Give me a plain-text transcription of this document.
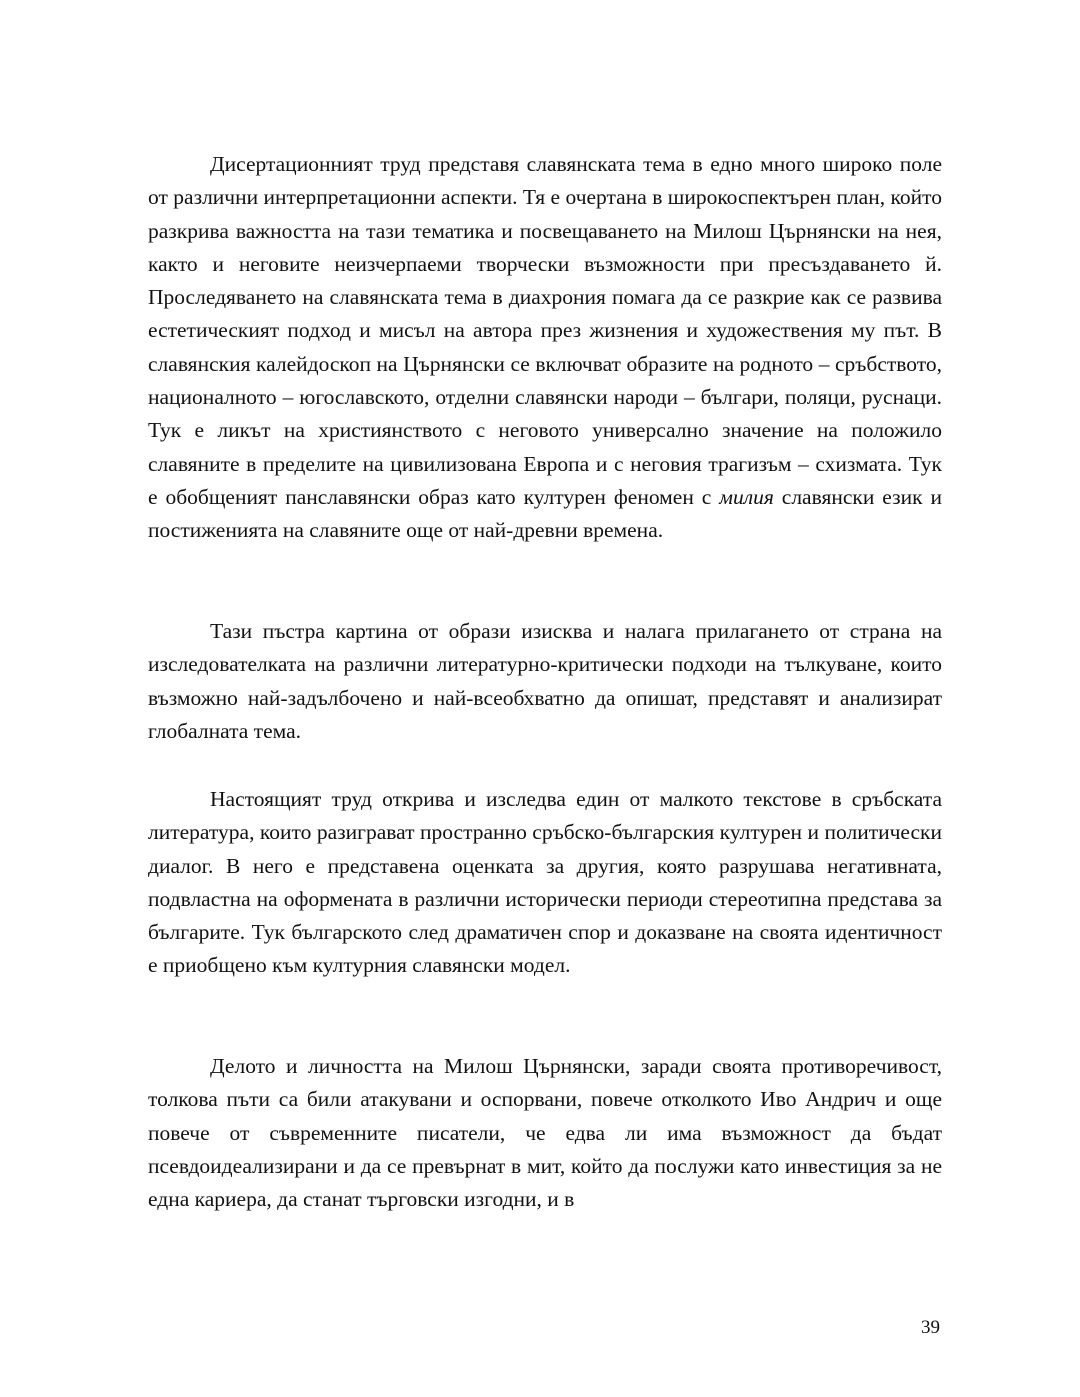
Дисертационният труд представя славянската тема в едно много широко поле от различни интерпретационни аспекти. Тя е очертана в широкоспектърен план, който разкрива важността на тази тематика и посвещаването на Милош Църнянски на нея, както и неговите неизчерпаеми творчески възможности при пресъздаването й. Проследяването на славянската тема в диахрония помага да се разкрие как се развива естетическият подход и мисъл на автора през жизнения и художествения му път. В славянския калейдоскоп на Църнянски се включват образите на родното – сръбството, националното – югославското, отделни славянски народи – българи, поляци, руснаци. Тук е ликът на християнството с неговото универсално значение на положило славяните в пределите на цивилизована Европа и с неговия трагизъм – схизмата. Тук е обобщеният панславянски образ като културен феномен с милия славянски език и постиженията на славяните още от най-древни времена.

Тази пъстра картина от образи изисква и налага прилагането от страна на изследователката на различни литературно-критически подходи на тълкуване, които възможно най-задълбочено и най-всеобхватно да опишат, представят и анализират глобалната тема.

Настоящият труд открива и изследва един от малкото текстове в сръбската литература, които разиграват пространно сръбско-българския културен и политически диалог. В него е представена оценката за другия, която разрушава негативната, подвластна на оформената в различни исторически периоди стереотипна представа за българите. Тук българското след драматичен спор и доказване на своята идентичност е приобщено към културния славянски модел.

Делото и личността на Милош Църнянски, заради своята противоречивост, толкова пъти са били атакувани и оспорвани, повече отколкото Иво Андрич и още повече от съвременните писатели, че едва ли има възможност да бъдат псевдоидеализирани и да се превърнат в мит, който да послужи като инвестиция за не една кариера, да станат търговски изгодни, и в

39
